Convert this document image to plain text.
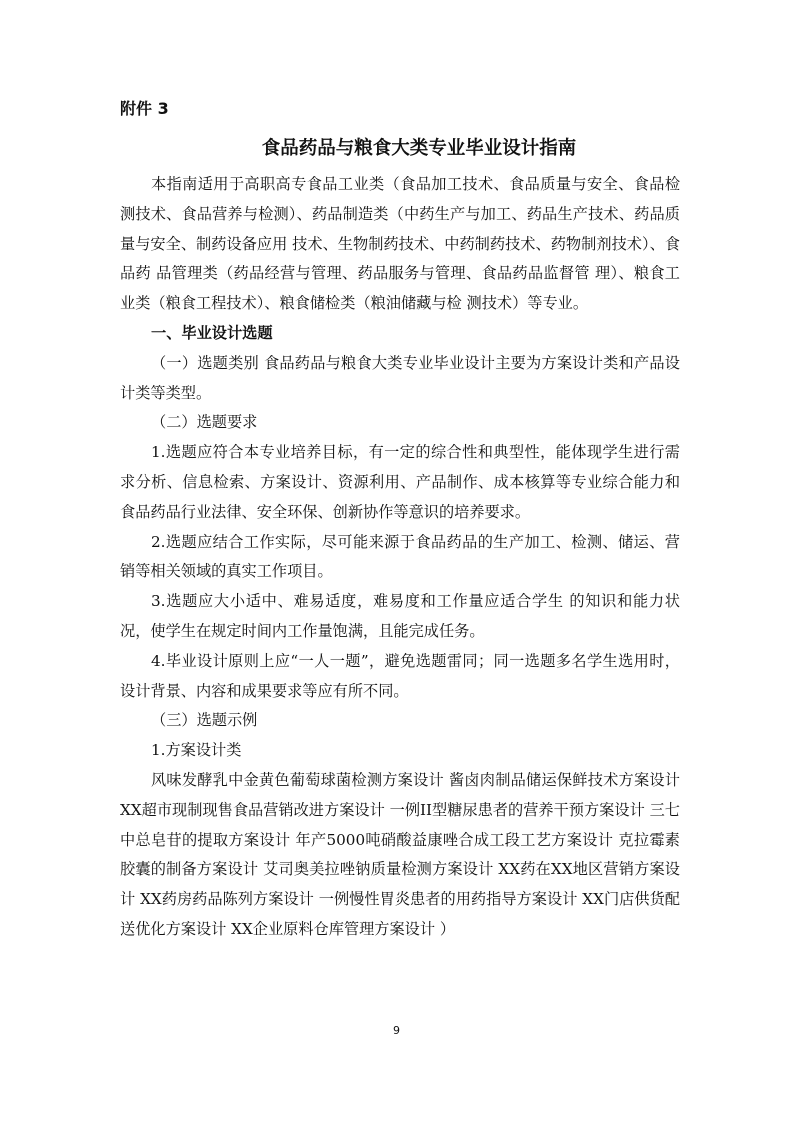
附件 3
食品药品与粮食大类专业毕业设计指南

本指南适用于高职高专食品工业类（食品加工技术、食品质量与安全、食品检测技术、食品营养与检测）、药品制造类（中药生产与加工、药品生产技术、药品质量与安全、制药设备应用 技术、生物制药技术、中药制药技术、药物制剂技术）、食品药 品管理类（药品经营与管理、药品服务与管理、食品药品监督管 理）、粮食工业类（粮食工程技术）、粮食储检类（粮油储藏与检 测技术）等专业。

一、毕业设计选题

（一）选题类别 食品药品与粮食大类专业毕业设计主要为方案设计类和产品设计类等类型。

（二）选题要求

1.选题应符合本专业培养目标，有一定的综合性和典型性，能体现学生进行需求分析、信息检索、方案设计、资源利用、产品制作、成本核算等专业综合能力和食品药品行业法律、安全环保、创新协作等意识的培养要求。

2.选题应结合工作实际，尽可能来源于食品药品的生产加工、检测、储运、营销等相关领域的真实工作项目。

3.选题应大小适中、难易适度，难易度和工作量应适合学生 的知识和能力状况，使学生在规定时间内工作量饱满，且能完成任务。

4.毕业设计原则上应“一人一题”，避免选题雷同；同一选题多名学生选用时，设计背景、内容和成果要求等应有所不同。

（三）选题示例

1.方案设计类

风味发酵乳中金黄色葡萄球菌检测方案设计 酱卤肉制品储运保鲜技术方案设计 XX超市现制现售食品营销改进方案设计 一例II型糖尿患者的营养干预方案设计 三七中总皂苷的提取方案设计 年产5000吨硝酸益康唑合成工段工艺方案设计 克拉霉素胶囊的制备方案设计 艾司奥美拉唑钠质量检测方案设计 XX药在XX地区营销方案设计 XX药房药品陈列方案设计 一例慢性胃炎患者的用药指导方案设计 XX门店供货配送优化方案设计 XX企业原料仓库管理方案设计 ）

9
